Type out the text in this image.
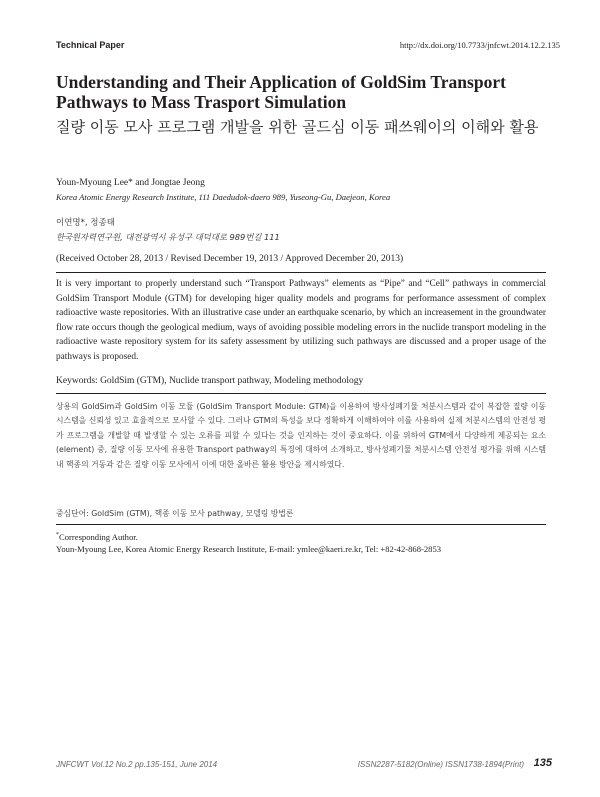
Technical Paper	http://dx.doi.org/10.7733/jnfcwt.2014.12.2.135
Understanding and Their Application of GoldSim Transport Pathways to Mass Trasport Simulation
질량 이동 모사 프로그램 개발을 위한 골드심 이동 패쓰웨이의 이해와 활용
Youn-Myoung Lee* and Jongtae Jeong
Korea Atomic Energy Research Institute, 111 Daedudok-daero 989, Yuseong-Gu, Daejeon, Korea
이연명*, 정종태
한국원자력연구원, 대전광역시 유성구 대덕대로 989번길 111
(Received October 28, 2013 / Revised December 19, 2013 / Approved December 20, 2013)

It is very important to properly understand such “Transport Pathways” elements as “Pipe” and “Cell” pathways in commercial GoldSim Transport Module (GTM) for developing higer quality models and programs for performance assessment of complex radioactive waste repositories. With an illustrative case under an earthquake scenario, by which an increasement in the groundwater flow rate occurs though the geological medium, ways of avoiding possible modeling errors in the nuclide transport modeling in the radioactive waste repository system for its safety assessment by utilizing such pathways are discussed and a proper usage of the pathways is proposed.

Keywords: GoldSim (GTM), Nuclide transport pathway, Modeling methodology

상용의 GoldSim과 GoldSim 이동 모듈 (GoldSim Transport Module: GTM)을 이용하여 방사성폐기물 처분시스템과 같이 복잡한 질량 이동 시스템을 신뢰성 있고 효율적으로 모사할 수 있다. 그러나 GTM의 특성을 보다 정확하게 이해하여야 이를 사용하여 실제 처분시스템의 안전성 평가 프로그램을 개발할 때 발생할 수 있는 오류를 피할 수 있다는 것을 인지하는 것이 중요하다. 이를 위하여 GTM에서 다양하게 제공되는 요소 (element) 중, 질량 이동 모사에 유용한 Transport pathway의 특징에 대하여 소개하고, 방사성폐기물 처분시스템 안전성 평가를 위해 시스템 내 핵종의 거동과 같은 질량 이동 모사에서 이에 대한 올바른 활용 방안을 제시하였다.

중심단어: GoldSim (GTM), 핵종 이동 모사 pathway, 모델링 방법론

*Corresponding Author.

Youn-Myoung Lee, Korea Atomic Energy Research Institute, E-mail: ymlee@kaeri.re.kr, Tel: +82-42-868-2853

JNFCWT Vol.12 No.2 pp.135-151, June 2014	ISSN2287-5182(Online) ISSN1738-1894(Print) 135
